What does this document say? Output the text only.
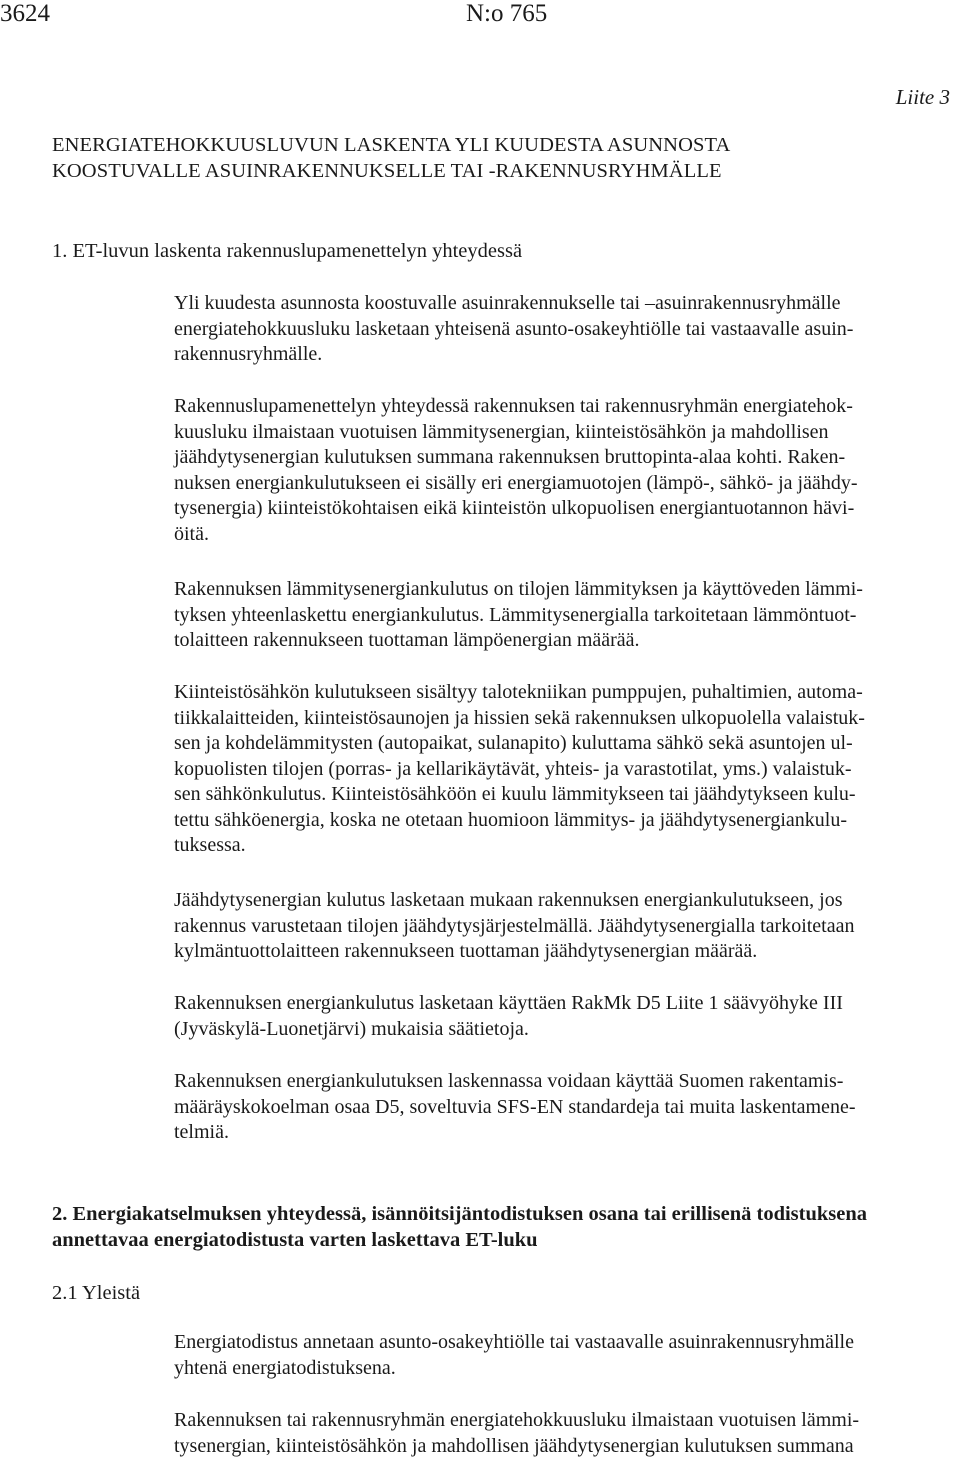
3624	N:o 765
Liite 3
ENERGIATEHOKKUUSLUVUN LASKENTA YLI KUUDESTA ASUNNOSTA
KOOSTUVALLE ASUINRAKENNUKSELLE TAI -RAKENNUSRYHMÄLLE
1. ET-luvun laskenta rakennuslupamenettelyn yhteydessä
Yli kuudesta asunnosta koostuvalle asuinrakennukselle tai –asuinrakennusryhmälle
energiatehokkuusluku lasketaan yhteisenä asunto-osakeyhtiölle tai vastaavalle asuin-
rakennusryhmälle.
Rakennuslupamenettelyn yhteydessä rakennuksen tai rakennusryhmän energiatehok-
kuusluku ilmaistaan vuotuisen lämmitysenergian, kiinteistösähkön ja mahdollisen
jäähdytysenergian kulutuksen summana rakennuksen bruttopinta-alaa kohti. Raken-
nuksen energiankulutukseen ei sisälly eri energiamuotojen (lämpö-, sähkö- ja jäähdy-
tysenergia) kiinteistökohtaisen eikä kiinteistön ulkopuolisen energiantuotannon hävi-
öitä.
Rakennuksen lämmitysenergiankulutus on tilojen lämmityksen ja käyttöveden lämmi-
tyksen yhteenlaskettu energiankulutus. Lämmitysenergialla tarkoitetaan lämmöntuot-
tolaitteen rakennukseen tuottaman lämpöenergian määrää.
Kiinteistösähkön kulutukseen sisältyy talotekniikan pumppujen, puhaltimien, automa-
tiikkalaitteiden, kiinteistösaunojen ja hissien sekä rakennuksen ulkopuolella valaistuk-
sen ja kohdelämmitysten (autopaikat, sulanapito) kuluttama sähkö sekä asuntojen ul-
kopuolisten tilojen (porras- ja kellarikäytävät, yhteis- ja varastotilat, yms.) valaistuk-
sen sähkönkulutus. Kiinteistösähköön ei kuulu lämmitykseen tai jäähdytykseen kulu-
tettu sähköenergia, koska ne otetaan huomioon lämmitys- ja jäähdytysenergiankulu-
tuksessa.
Jäähdytysenergian kulutus lasketaan mukaan rakennuksen energiankulutukseen, jos
rakennus varustetaan tilojen jäähdytysjärjestelmällä. Jäähdytysenergialla tarkoitetaan
kylmäntuottolaitteen rakennukseen tuottaman jäähdytysenergian määrää.
Rakennuksen energiankulutus lasketaan käyttäen RakMk D5 Liite 1 säävyöhyke III
(Jyväskylä-Luonetjärvi) mukaisia säätietoja.
Rakennuksen energiankulutuksen laskennassa voidaan käyttää Suomen rakentamis-
määräyskokoelman osaa D5, soveltuvia SFS-EN standardeja tai muita laskentamene-
telmiä.
2. Energiakatselmuksen yhteydessä, isännöitsijäntodistuksen osana tai erillisenä todistuksena
annettavaa energiatodistusta varten laskettava ET-luku
2.1 Yleistä
Energiatodistus annetaan asunto-osakeyhtiölle tai vastaavalle asuinrakennusryhmälle
yhtenä energiatodistuksena.
Rakennuksen tai rakennusryhmän energiatehokkuusluku ilmaistaan vuotuisen lämmi-
tysenergian, kiinteistösähkön ja mahdollisen jäähdytysenergian kulutuksen summana
